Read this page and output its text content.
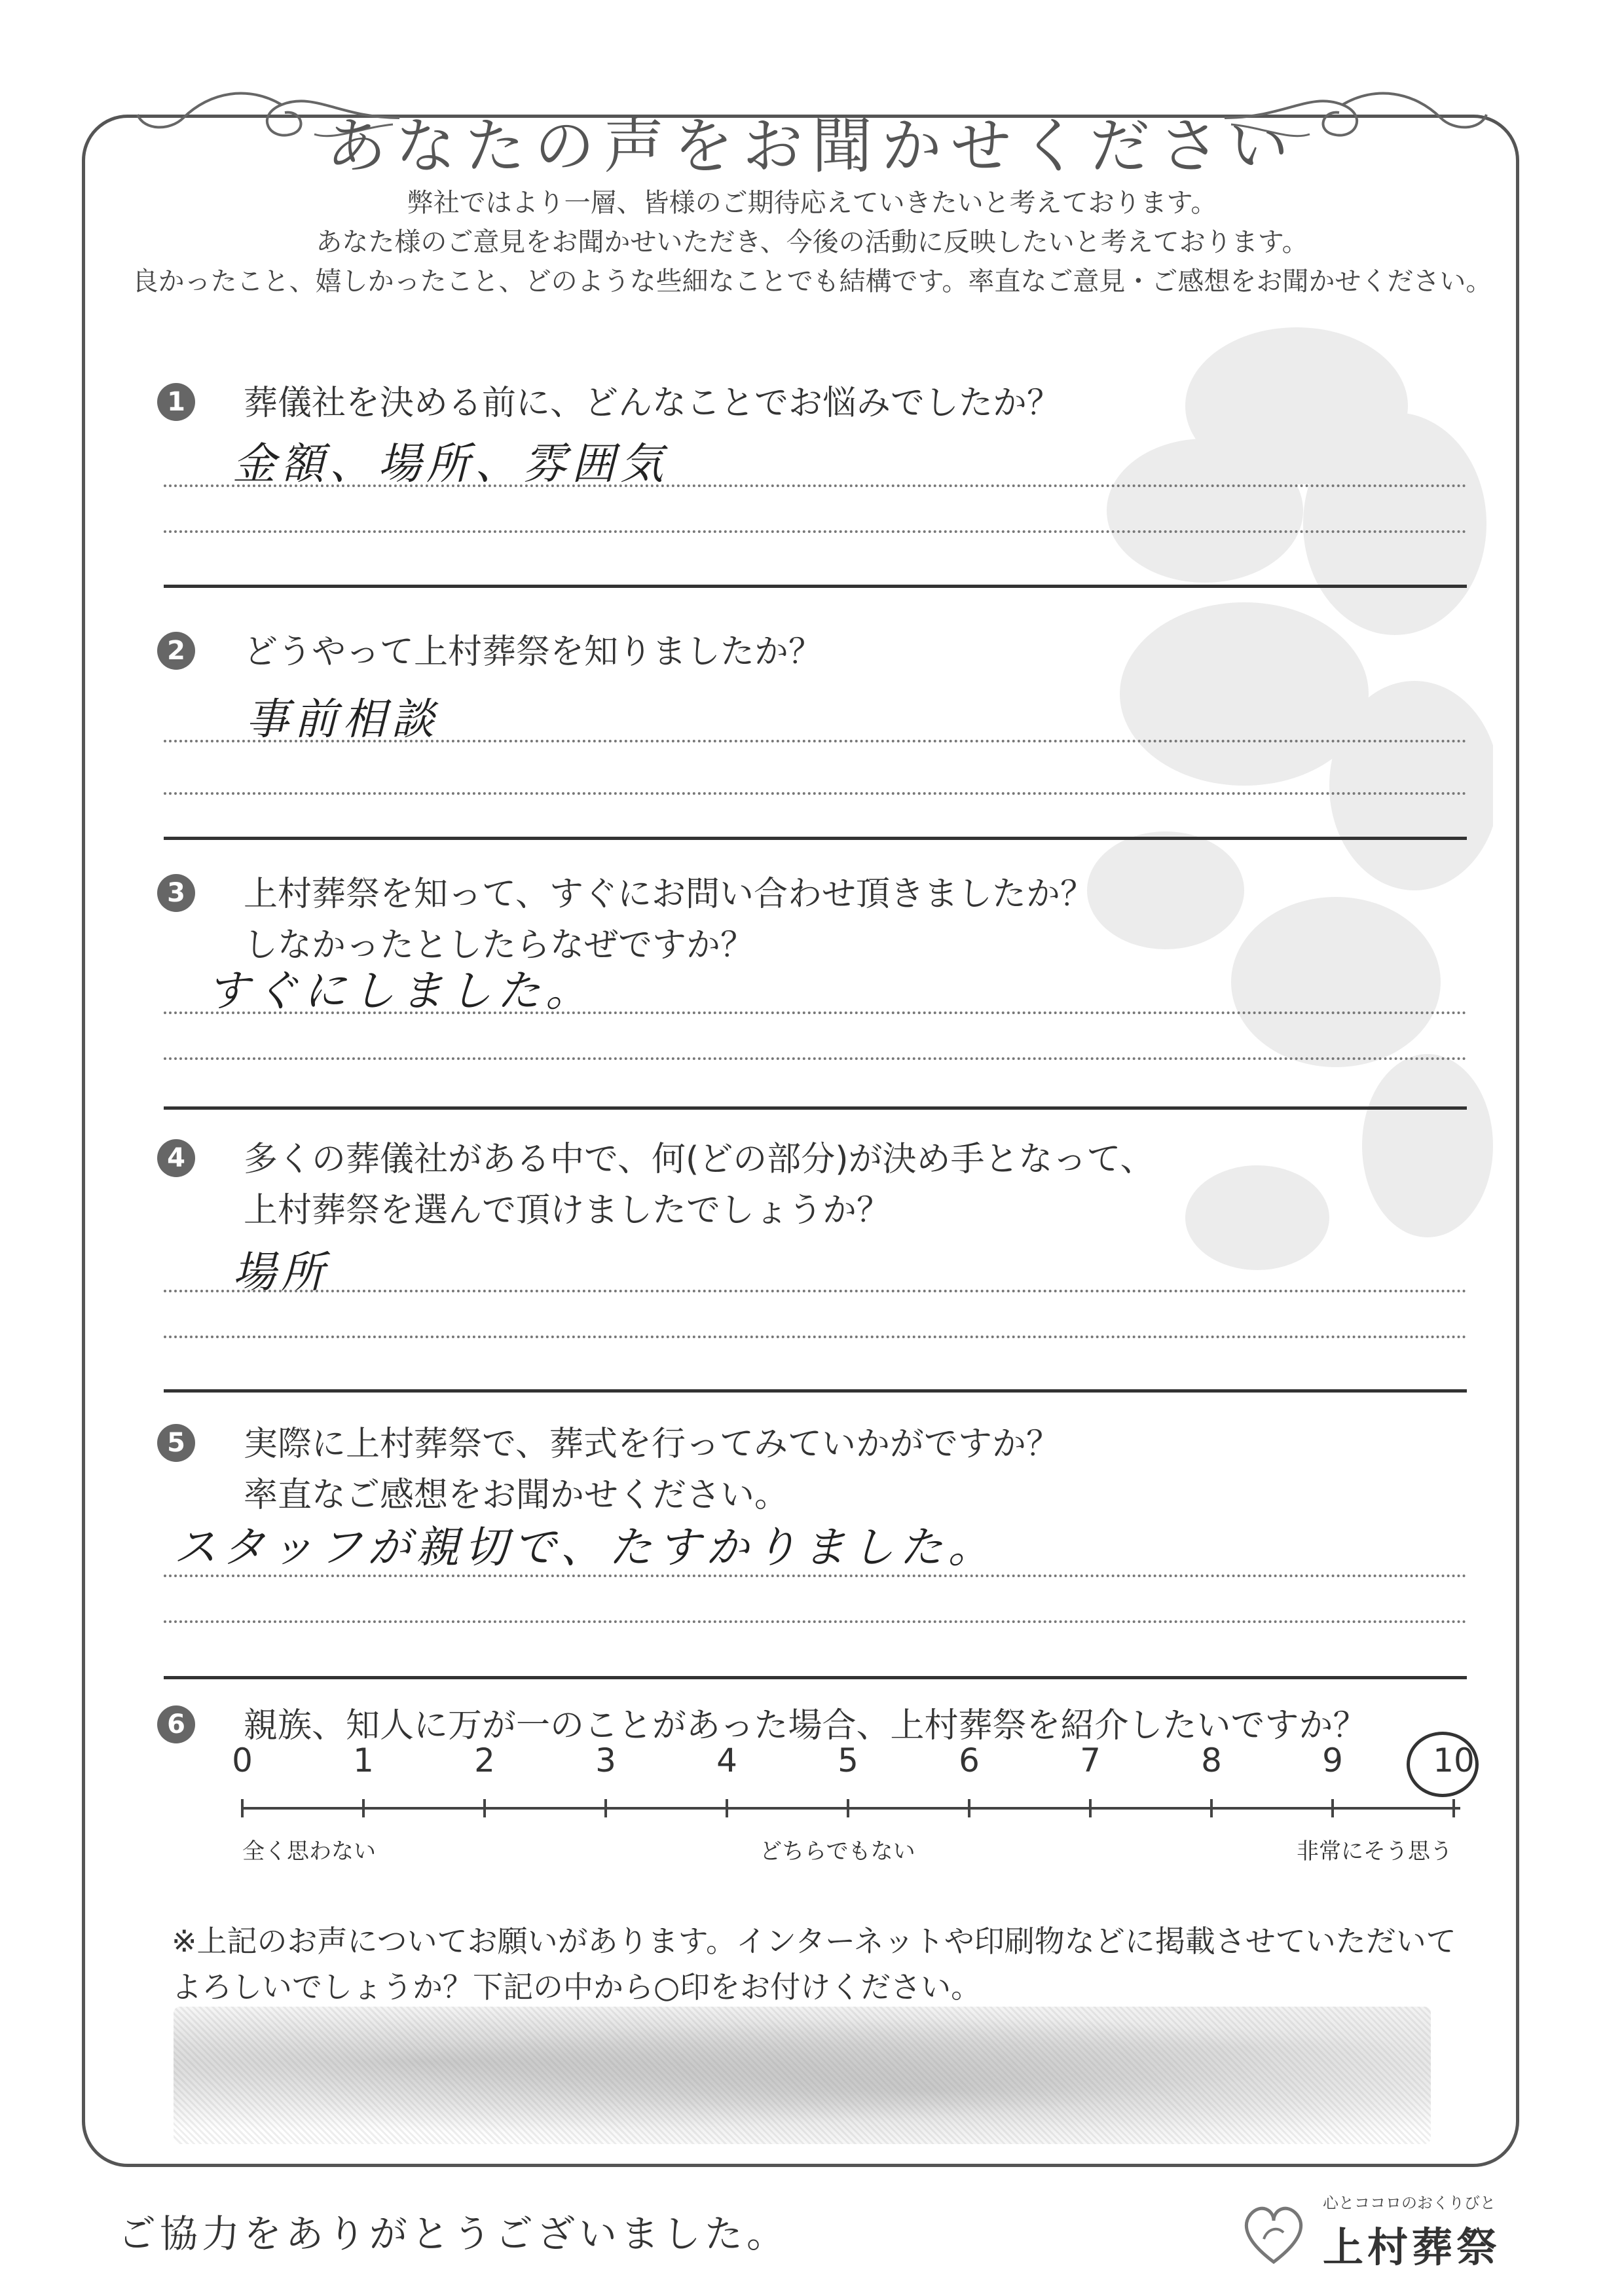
あなたの声をお聞かせください
弊社ではより一層、皆様のご期待応えていきたいと考えております。
あなた様のご意見をお聞かせいただき、今後の活動に反映したいと考えております。
良かったこと、嬉しかったこと、どのような些細なことでも結構です。率直なご意見・ご感想をお聞かせください。
1 葬儀社を決める前に、どんなことでお悩みでしたか？
金額、場所、雰囲気
2 どうやって上村葬祭を知りましたか？
事前相談
3 上村葬祭を知って、すぐにお問い合わせ頂きましたか？
しなかったとしたらなぜですか？
すぐにしました。
4 多くの葬儀社がある中で、何(どの部分)が決め手となって、
上村葬祭を選んで頂けましたでしょうか？
場所
5 実際に上村葬祭で、葬式を行ってみていかがですか？
率直なご感想をお聞かせください。
スタッフが親切で、たすかりました。
6 親族、知人に万が一のことがあった場合、上村葬祭を紹介したいですか？
0	1	2	3	4	5	6	7	8	9	10
全く思わない	どちらでもない	非常にそう思う
※上記のお声についてお願いがあります。インターネットや印刷物などに掲載させていただいて
よろしいでしょうか？下記の中から○印をお付けください。
ご協力をありがとうございました。
心とココロのおくりびと
上村葬祭
